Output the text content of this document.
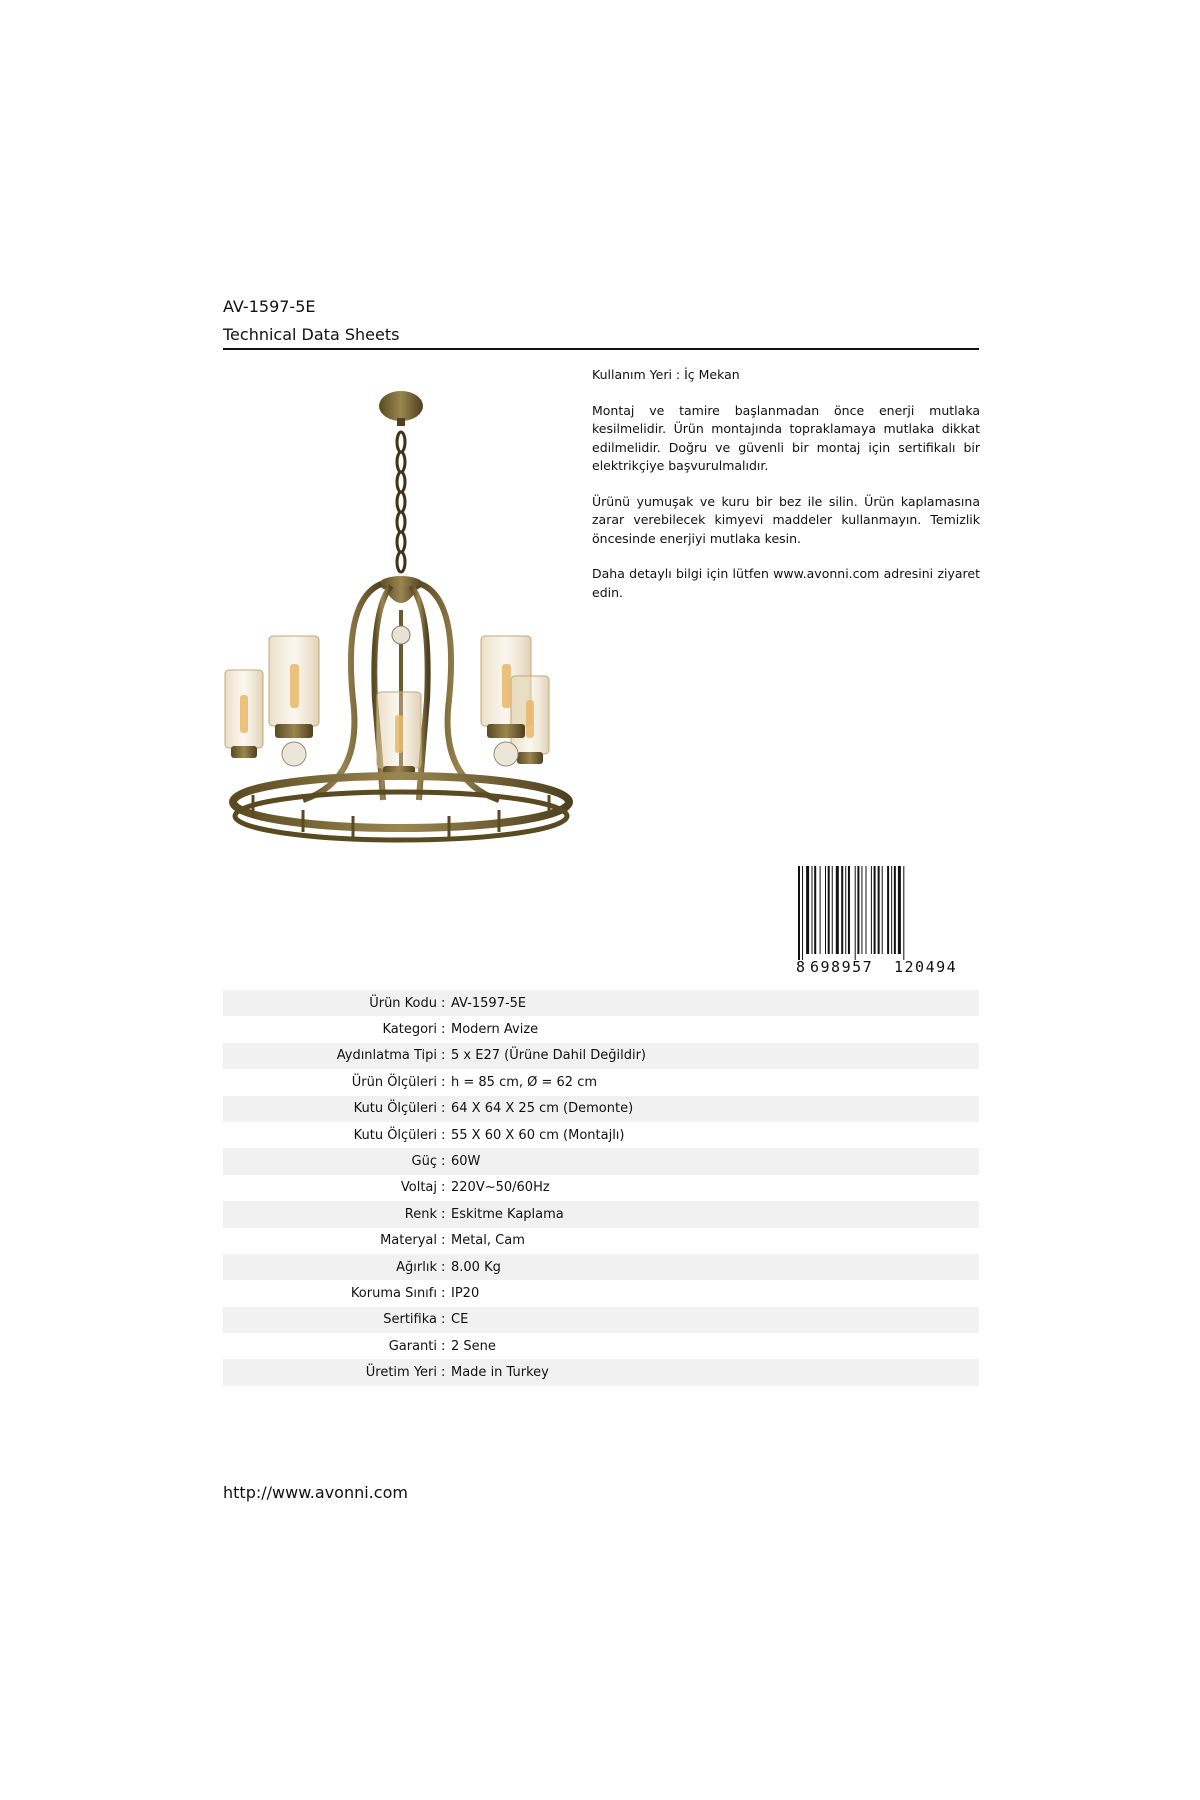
AV-1597-5E
Technical Data Sheets

Kullanım Yeri : İç Mekan

Montaj ve tamire başlanmadan önce enerji mutlaka kesilmelidir. Ürün montajında topraklamaya mutlaka dikkat edilmelidir. Doğru ve güvenli bir montaj için sertifikalı bir elektrikçiye başvurulmalıdır.

Ürünü yumuşak ve kuru bir bez ile silin. Ürün kaplamasına zarar verebilecek kimyevi maddeler kullanmayın. Temizlik öncesinde enerjiyi mutlaka kesin.

Daha detaylı bilgi için lütfen www.avonni.com adresini ziyaret edin.

8 698957 120494
Ürün Kodu : AV-1597-5E
Kategori : Modern Avize
Aydınlatma Tipi : 5 x E27 (Ürüne Dahil Değildir)
Ürün Ölçüleri : h = 85 cm, Ø = 62 cm
Kutu Ölçüleri : 64 X 64 X 25 cm (Demonte)
Kutu Ölçüleri : 55 X 60 X 60 cm (Montajlı)
Güç : 60W
Voltaj : 220V~50/60Hz
Renk : Eskitme Kaplama
Materyal : Metal, Cam
Ağırlık : 8.00 Kg
Koruma Sınıfı : IP20
Sertifika : CE
Garanti : 2 Sene
Üretim Yeri : Made in Turkey
http://www.avonni.com
